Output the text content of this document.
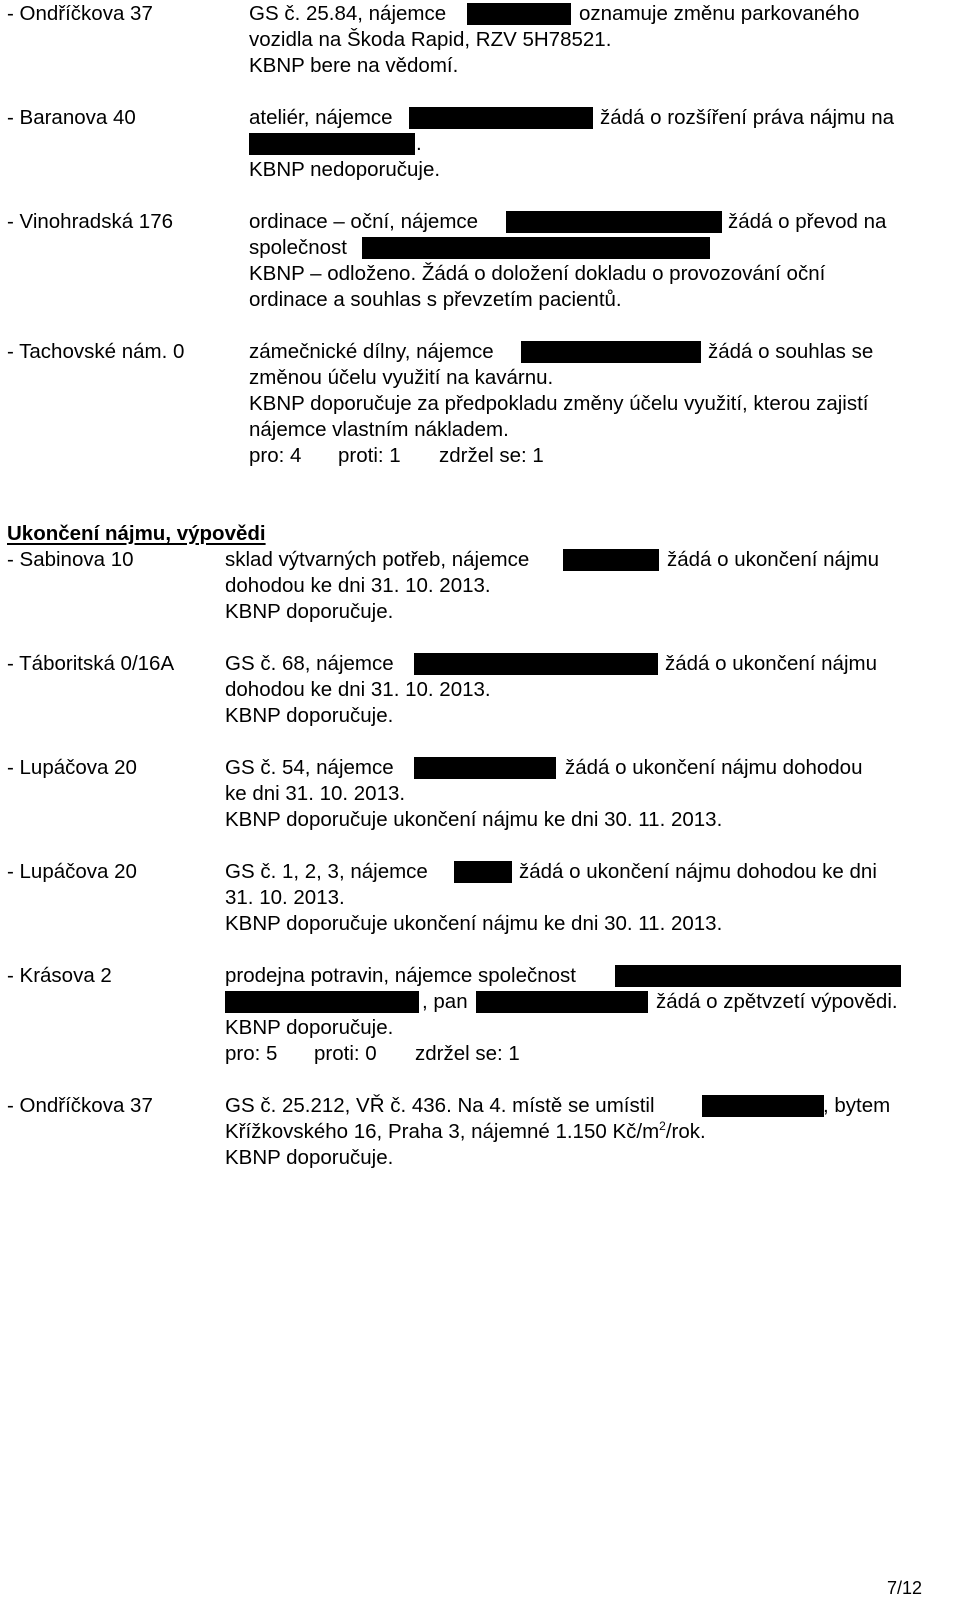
- Ondříčkova 37	GS č. 25.84, nájemce	oznamuje změnu parkovaného
vozidla na Škoda Rapid, RZV 5H78521.
KBNP bere na vědomí.
- Baranova 40	ateliér, nájemce	žádá o rozšíření práva nájmu na
.
KBNP nedoporučuje.
- Vinohradská 176	ordinace – oční, nájemce	žádá o převod na
společnost
KBNP – odloženo. Žádá o doložení dokladu o provozování oční
ordinace a souhlas s převzetím pacientů.
- Tachovské nám. 0	zámečnické dílny, nájemce	žádá o souhlas se
změnou účelu využití na kavárnu.
KBNP doporučuje za předpokladu změny účelu využití, kterou zajistí
nájemce vlastním nákladem.
pro: 4 proti: 1 zdržel se: 1
Ukončení nájmu, výpovědi
- Sabinova 10	sklad výtvarných potřeb, nájemce	žádá o ukončení nájmu
dohodou ke dni 31. 10. 2013.
KBNP doporučuje.
- Táboritská 0/16A GS č. 68, nájemce	žádá o ukončení nájmu
dohodou ke dni 31. 10. 2013.
KBNP doporučuje.
- Lupáčova 20	GS č. 54, nájemce	žádá o ukončení nájmu dohodou
ke dni 31. 10. 2013.
KBNP doporučuje ukončení nájmu ke dni 30. 11. 2013.
- Lupáčova 20	GS č. 1, 2, 3, nájemce	žádá o ukončení nájmu dohodou ke dni
31. 10. 2013.
KBNP doporučuje ukončení nájmu ke dni 30. 11. 2013.
- Krásova 2	prodejna potravin, nájemce společnost
, pan	žádá o zpětvzetí výpovědi.
KBNP doporučuje.
pro: 5 proti: 0 zdržel se: 1
- Ondříčkova 37	GS č. 25.212, VŘ č. 436. Na 4. místě se umístil	, bytem
Křížkovského 16, Praha 3, nájemné 1.150 $Kč/m^2$/rok.
KBNP doporučuje.
7/12
